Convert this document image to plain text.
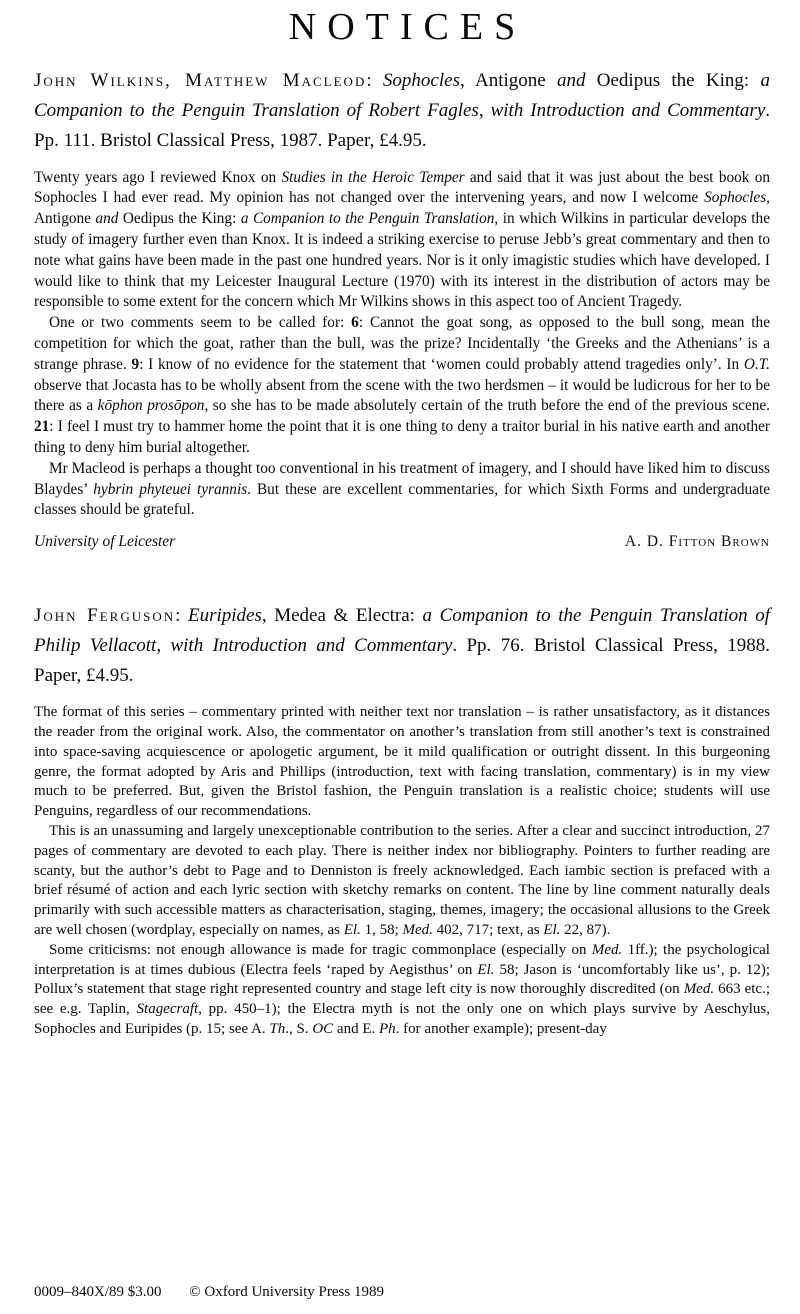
NOTICES

John Wilkins, Matthew Macleod: Sophocles, Antigone and Oedipus the King: a Companion to the Penguin Translation of Robert Fagles, with Introduction and Commentary. Pp. 111. Bristol Classical Press, 1987. Paper, £4.95.

Twenty years ago I reviewed Knox on Studies in the Heroic Temper and said that it was just about the best book on Sophocles I had ever read. My opinion has not changed over the intervening years, and now I welcome Sophocles, Antigone and Oedipus the King: a Companion to the Penguin Translation, in which Wilkins in particular develops the study of imagery further even than Knox. It is indeed a striking exercise to peruse Jebb’s great commentary and then to note what gains have been made in the past one hundred years. Nor is it only imagistic studies which have developed. I would like to think that my Leicester Inaugural Lecture (1970) with its interest in the distribution of actors may be responsible to some extent for the concern which Mr Wilkins shows in this aspect too of Ancient Tragedy.

One or two comments seem to be called for: 6: Cannot the goat song, as opposed to the bull song, mean the competition for which the goat, rather than the bull, was the prize? Incidentally ‘the Greeks and the Athenians’ is a strange phrase. 9: I know of no evidence for the statement that ‘women could probably attend tragedies only’. In O.T. observe that Jocasta has to be wholly absent from the scene with the two herdsmen – it would be ludicrous for her to be there as a kōphon prosōpon, so she has to be made absolutely certain of the truth before the end of the previous scene. 21: I feel I must try to hammer home the point that it is one thing to deny a traitor burial in his native earth and another thing to deny him burial altogether.

Mr Macleod is perhaps a thought too conventional in his treatment of imagery, and I should have liked him to discuss Blaydes’ hybrin phyteuei tyrannis. But these are excellent commentaries, for which Sixth Forms and undergraduate classes should be grateful.

University of Leicester	A. D. Fitton Brown

John Ferguson: Euripides, Medea & Electra: a Companion to the Penguin Translation of Philip Vellacott, with Introduction and Commentary. Pp. 76. Bristol Classical Press, 1988. Paper, £4.95.

The format of this series – commentary printed with neither text nor translation – is rather unsatisfactory, as it distances the reader from the original work. Also, the commentator on another’s translation from still another’s text is constrained into space-saving acquiescence or apologetic argument, be it mild qualification or outright dissent. In this burgeoning genre, the format adopted by Aris and Phillips (introduction, text with facing translation, commentary) is in my view much to be preferred. But, given the Bristol fashion, the Penguin translation is a realistic choice; students will use Penguins, regardless of our recommendations.

This is an unassuming and largely unexceptionable contribution to the series. After a clear and succinct introduction, 27 pages of commentary are devoted to each play. There is neither index nor bibliography. Pointers to further reading are scanty, but the author’s debt to Page and to Denniston is freely acknowledged. Each iambic section is prefaced with a brief résumé of action and each lyric section with sketchy remarks on content. The line by line comment naturally deals primarily with such accessible matters as characterisation, staging, themes, imagery; the occasional allusions to the Greek are well chosen (wordplay, especially on names, as El. 1, 58; Med. 402, 717; text, as El. 22, 87).

Some criticisms: not enough allowance is made for tragic commonplace (especially on Med. 1ff.); the psychological interpretation is at times dubious (Electra feels ‘raped by Aegisthus’ on El. 58; Jason is ‘uncomfortably like us’, p. 12); Pollux’s statement that stage right represented country and stage left city is now thoroughly discredited (on Med. 663 etc.; see e.g. Taplin, Stagecraft, pp. 450–1); the Electra myth is not the only one on which plays survive by Aeschylus, Sophocles and Euripides (p. 15; see A. Th., S. OC and E. Ph. for another example); present-day

0009–840X/89 $3.00 © Oxford University Press 1989
